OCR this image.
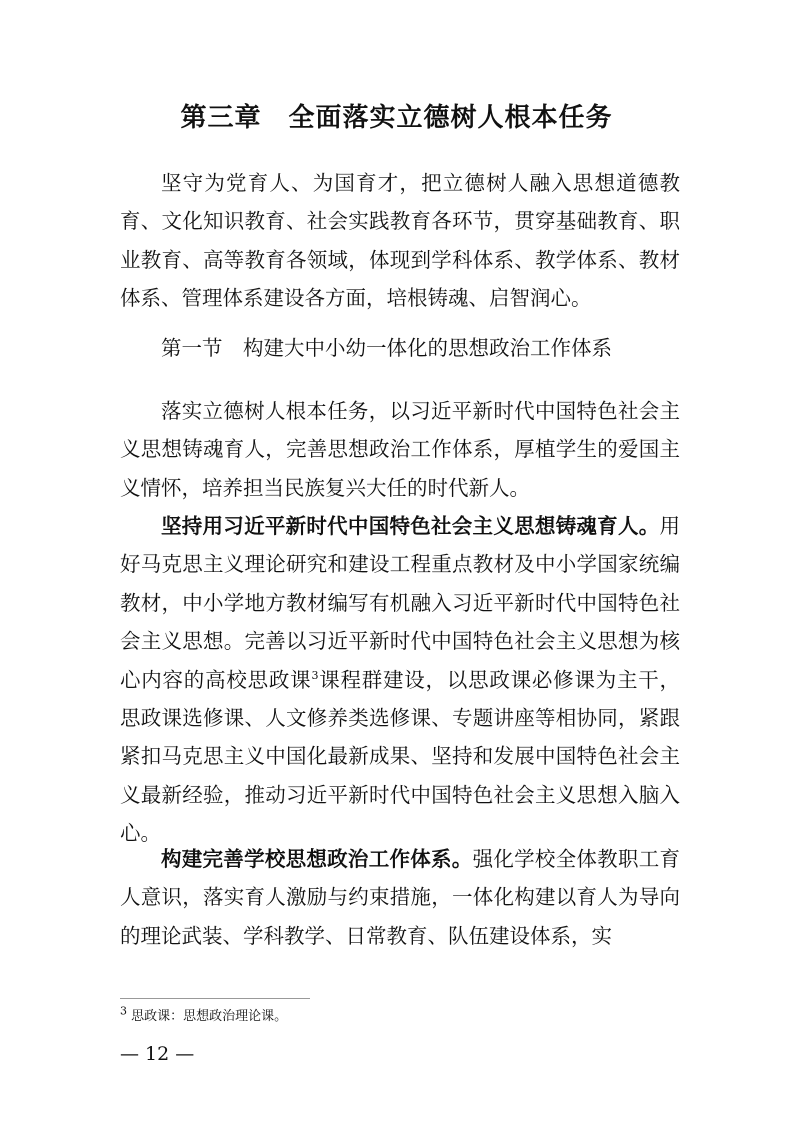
第三章　全面落实立德树人根本任务

坚守为党育人、为国育才，把立德树人融入思想道德教育、文化知识教育、社会实践教育各环节，贯穿基础教育、职业教育、高等教育各领域，体现到学科体系、教学体系、教材体系、管理体系建设各方面，培根铸魂、启智润心。

第一节　构建大中小幼一体化的思想政治工作体系

落实立德树人根本任务，以习近平新时代中国特色社会主义思想铸魂育人，完善思想政治工作体系，厚植学生的爱国主义情怀，培养担当民族复兴大任的时代新人。

坚持用习近平新时代中国特色社会主义思想铸魂育人。用好马克思主义理论研究和建设工程重点教材及中小学国家统编教材，中小学地方教材编写有机融入习近平新时代中国特色社会主义思想。完善以习近平新时代中国特色社会主义思想为核心内容的高校思政课$^3$课程群建设，以思政课必修课为主干，思政课选修课、人文修养类选修课、专题讲座等相协同，紧跟紧扣马克思主义中国化最新成果、坚持和发展中国特色社会主义最新经验，推动习近平新时代中国特色社会主义思想入脑入心。

构建完善学校思想政治工作体系。强化学校全体教职工育人意识，落实育人激励与约束措施，一体化构建以育人为导向的理论武装、学科教学、日常教育、队伍建设体系，实

$^3$ 思政课：思想政治理论课。
— 12 —
